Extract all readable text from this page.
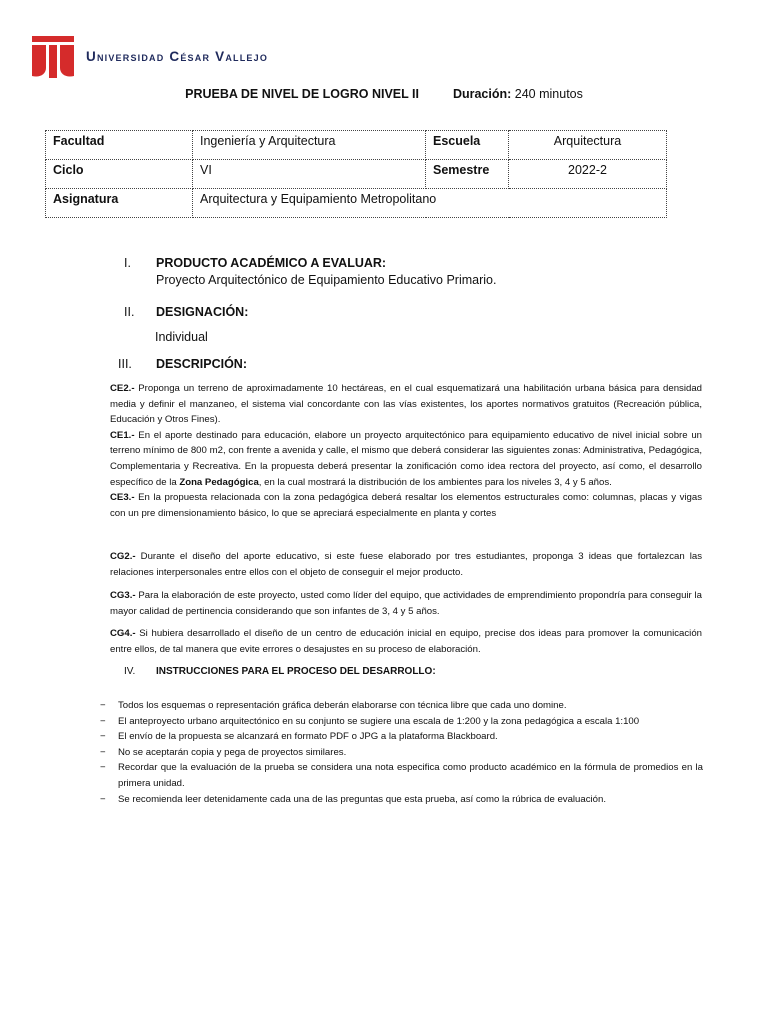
Universidad César Vallejo
PRUEBA DE NIVEL DE LOGRO NIVEL II	Duración: 240 minutos
Facultad	Ingeniería y Arquitectura	Escuela	Arquitectura
Ciclo	VI	Semestre	2022-2
Asignatura	Arquitectura y Equipamiento Metropolitano		
I.	PRODUCTO ACADÉMICO A EVALUAR:
Proyecto Arquitectónico de Equipamiento Educativo Primario.
II.	DESIGNACIÓN:
Individual
III.	DESCRIPCIÓN:

CE2.- Proponga un terreno de aproximadamente 10 hectáreas, en el cual esquematizará una habilitación urbana básica para densidad media y definir el manzaneo, el sistema vial concordante con las vías existentes, los aportes normativos gratuitos (Recreación pública, Educación y Otros Fines).

CE1.- En el aporte destinado para educación, elabore un proyecto arquitectónico para equipamiento educativo de nivel inicial sobre un terreno mínimo de 800 m2, con frente a avenida y calle, el mismo que deberá considerar las siguientes zonas: Administrativa, Pedagógica, Complementaria y Recreativa. En la propuesta deberá presentar la zonificación como idea rectora del proyecto, así como, el desarrollo específico de la Zona Pedagógica, en la cual mostrará la distribución de los ambientes para los niveles 3, 4 y 5 años.

CE3.- En la propuesta relacionada con la zona pedagógica deberá resaltar los elementos estructurales como: columnas, placas y vigas con un pre dimensionamiento básico, lo que se apreciará especialmente en planta y cortes

CG2.- Durante el diseño del aporte educativo, si este fuese elaborado por tres estudiantes, proponga 3 ideas que fortalezcan las relaciones interpersonales entre ellos con el objeto de conseguir el mejor producto.

CG3.- Para la elaboración de este proyecto, usted como líder del equipo, que actividades de emprendimiento propondría para conseguir la mayor calidad de pertinencia considerando que son infantes de 3, 4 y 5 años.

CG4.- Si hubiera desarrollado el diseño de un centro de educación inicial en equipo, precise dos ideas para promover la comunicación entre ellos, de tal manera que evite errores o desajustes en su proceso de elaboración.

IV.	INSTRUCCIONES PARA EL PROCESO DEL DESARROLLO:
− Todos los esquemas o representación gráfica deberán elaborarse con técnica libre que cada uno domine.
− El anteproyecto urbano arquitectónico en su conjunto se sugiere una escala de 1:200 y la zona pedagógica a escala 1:100
− El envío de la propuesta se alcanzará en formato PDF o JPG a la plataforma Blackboard.
− No se aceptarán copia y pega de proyectos similares.
− Recordar que la evaluación de la prueba se considera una nota especifica como producto académico en la fórmula de promedios en la primera unidad.
− Se recomienda leer detenidamente cada una de las preguntas que esta prueba, así como la rúbrica de evaluación.
